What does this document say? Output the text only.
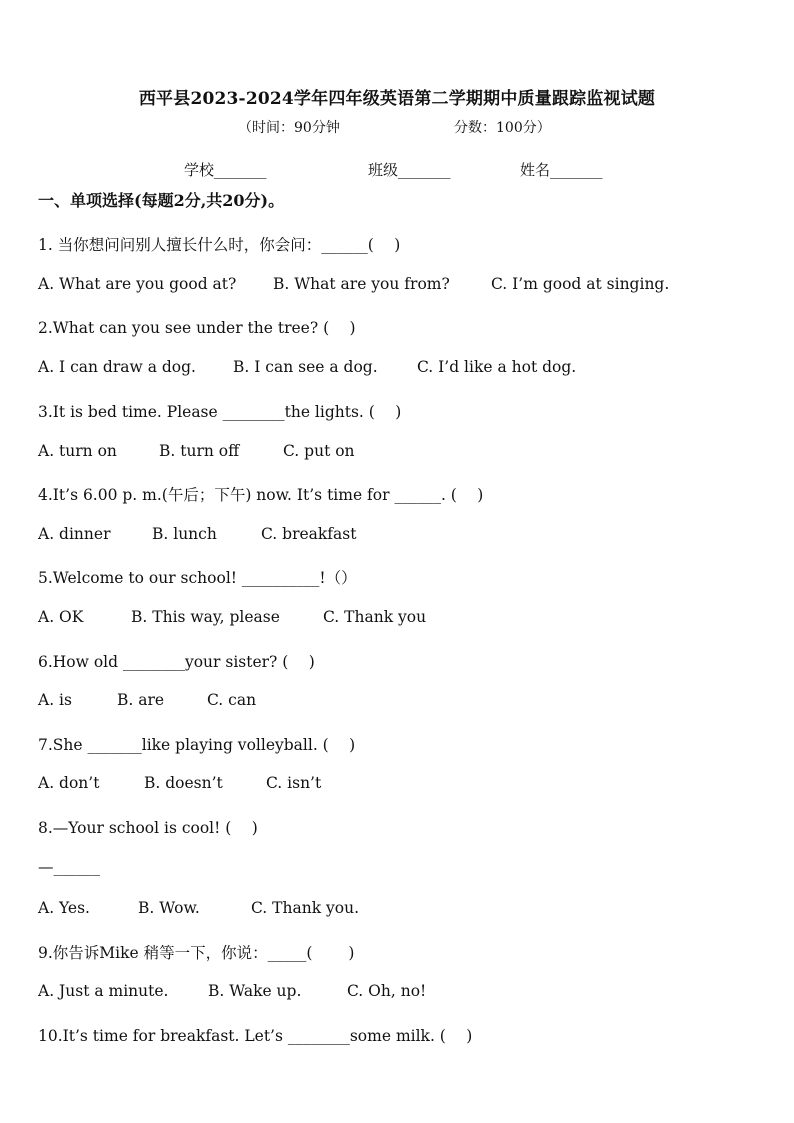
西平县2023-2024学年四年级英语第二学期期中质量跟踪监视试题
（时间：90分钟	分数：100分）
学校_______	班级_______	姓名_______
一、单项选择(每题2分,共20分)。
1. 当你想问问别人擅长什么时，你会问：______(　 )
A. What are you good at? B. What are you from?	C. I’m good at singing.
2.What can you see under the tree? (　 )
A. I can draw a dog. B. I can see a dog.	C. I’d like a hot dog.
3.It is bed time. Please ________the lights. (　 )
A. turn on	B. turn off	C. put on
4.It’s 6.00 p. m.(午后；下午) now. It’s time for ______. (　 )
A. dinner	B. lunch	C. breakfast
5.Welcome to our school! __________!（）
A. OK	B. This way, please	C. Thank you
6.How old ________your sister? (　 )
A. is	B. are	C. can
7.She _______like playing volleyball. (　 )
A. don’t	B. doesn’t	C. isn’t
8.—Your school is cool! (　 )
—______
A. Yes.	B. Wow.	C. Thank you.
9.你告诉Mike 稍等一下，你说：_____(　　 )
A. Just a minute.	B. Wake up.	C. Oh, no!
10.It’s time for breakfast. Let’s ________some milk. (　 )
